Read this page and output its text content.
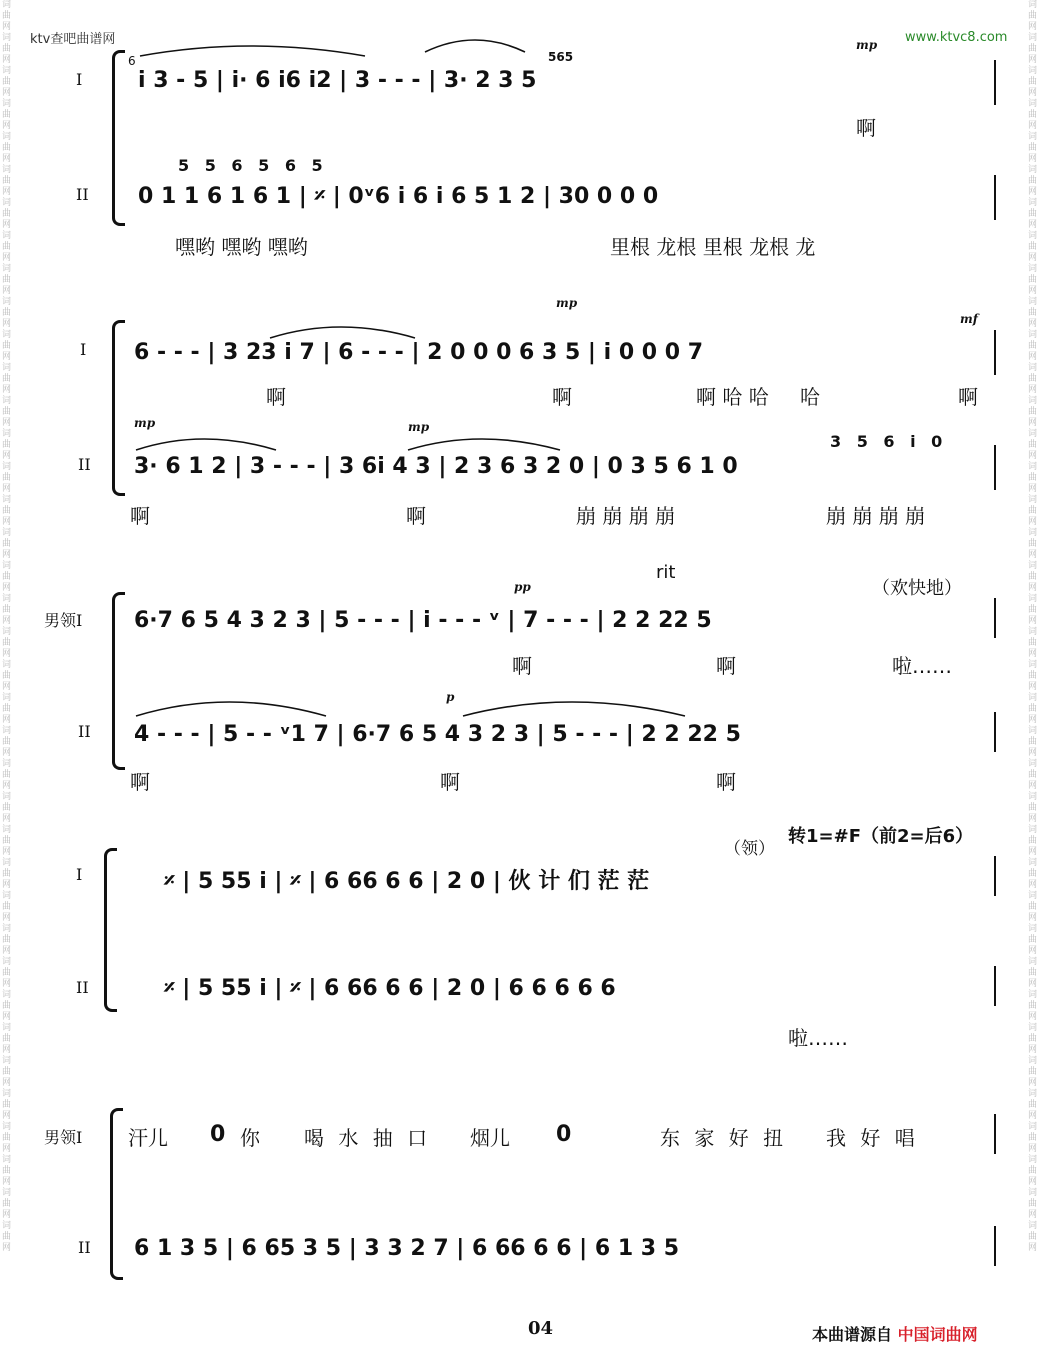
ktv查吧曲谱网	www.ktvc8.com
词曲网词曲网词曲网词曲网词曲网词曲网词曲网词曲网词曲网词曲网词曲网词曲网词曲网词曲网词曲网词曲网词曲网词曲网词曲网词曲网词曲网词曲网词曲网词曲网词曲网词曲网词曲网词曲网词曲网词曲网词曲网词曲网词曲网词曲网词曲网词曲网词曲网词曲网
词曲网词曲网词曲网词曲网词曲网词曲网词曲网词曲网词曲网词曲网词曲网词曲网词曲网词曲网词曲网词曲网词曲网词曲网词曲网词曲网词曲网词曲网词曲网词曲网词曲网词曲网词曲网词曲网词曲网词曲网词曲网词曲网词曲网词曲网词曲网词曲网词曲网词曲网
I
II
i 3 - 5 | i· 6 i6 i2 | 3 - - - | 3· 2 3 5
6	565
mp
啊
5 5 6 5 6 5
0 1 1 6 1 6 1 | 𝄎 | 0ᵛ6 i 6 i 6 5 1 2 | 30 0 0 0
嘿哟 嘿哟 嘿哟	里根 龙根 里根 龙根 龙
I
II
6 - - - | 3 23 i 7 | 6 - - - | 2 0 0 0 6 3 5 | i 0 0 0 7
mp
mf
啊	啊	啊 哈 哈 哈	啊
mp	mp
3 5 6 i 0
3· 6 1 2 | 3 - - - | 3 6i 4 3 | 2 3 6 3 2 0 | 0 3 5 6 1 0
啊	啊	崩 崩 崩 崩	崩 崩 崩 崩
男领I
II
rit
（欢快地）
pp
6·7 6 5 4 3 2 3 | 5 - - - | i - - - ᵛ | 7 - - - | 2 2 22 5
啊	啊	啦……
p
4 - - - | 5 - - ᵛ1 7 | 6·7 6 5 4 3 2 3 | 5 - - - | 2 2 22 5
啊	啊	啊
I
II
（领）
转1=#F（前2=后6）
𝄎 | 5 55 i | 𝄎 | 6 66 6 6 | 2 0 | 伙 计 们 茫 茫
𝄎 | 5 55 i | 𝄎 | 6 66 6 6 | 2 0 | 6 6 6 6 6
啦……
男领I
II
汗儿 0 你 喝 水 抽 口 烟儿 0	东 家 好 扭 我 好 唱
6 1 3 5 | 6 65 3 5 | 3 3 2 7 | 6 66 6 6 | 6 1 3 5
04	本曲谱源自 中国词曲网
